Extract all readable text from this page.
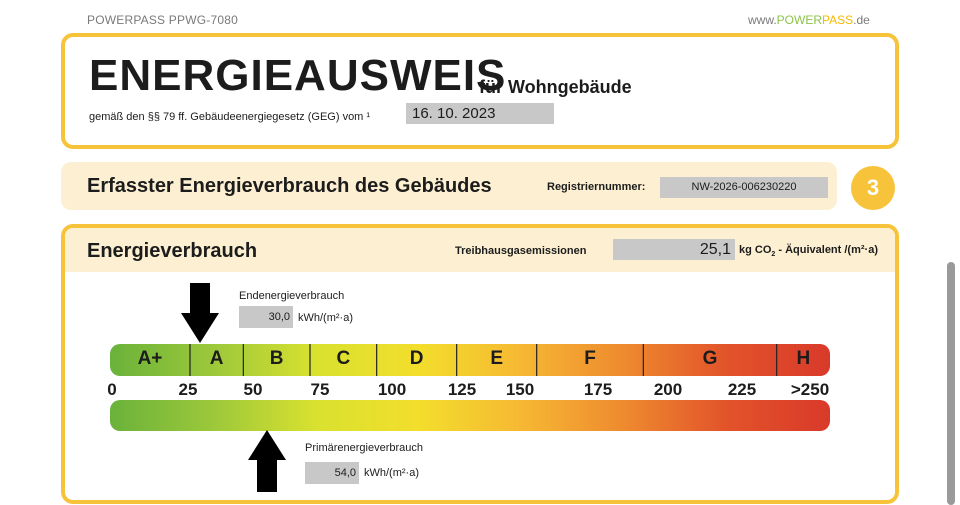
POWERPASS PPWG-7080	www.POWERPASS.de
ENERGIEAUSWEIS
für Wohngebäude
gemäß den §§ 79 ff. Gebäudeenergiegesetz (GEG) vom ¹	16. 10. 2023
Erfasster Energieverbrauch des Gebäudes	Registriernummer:	NW-2026-006230220	3
Energieverbrauch	Treibhausgasemissionen	25,1 kg $CO_2$ - Äquivalent /(m²·a)
Endenergieverbrauch
30,0 kWh/(m²·a)
A+ A B	C	D	E	F	G	H
0	25	50	75	100 125 150	175 200	225 >250
Primärenergieverbrauch
54,0 kWh/(m²·a)
